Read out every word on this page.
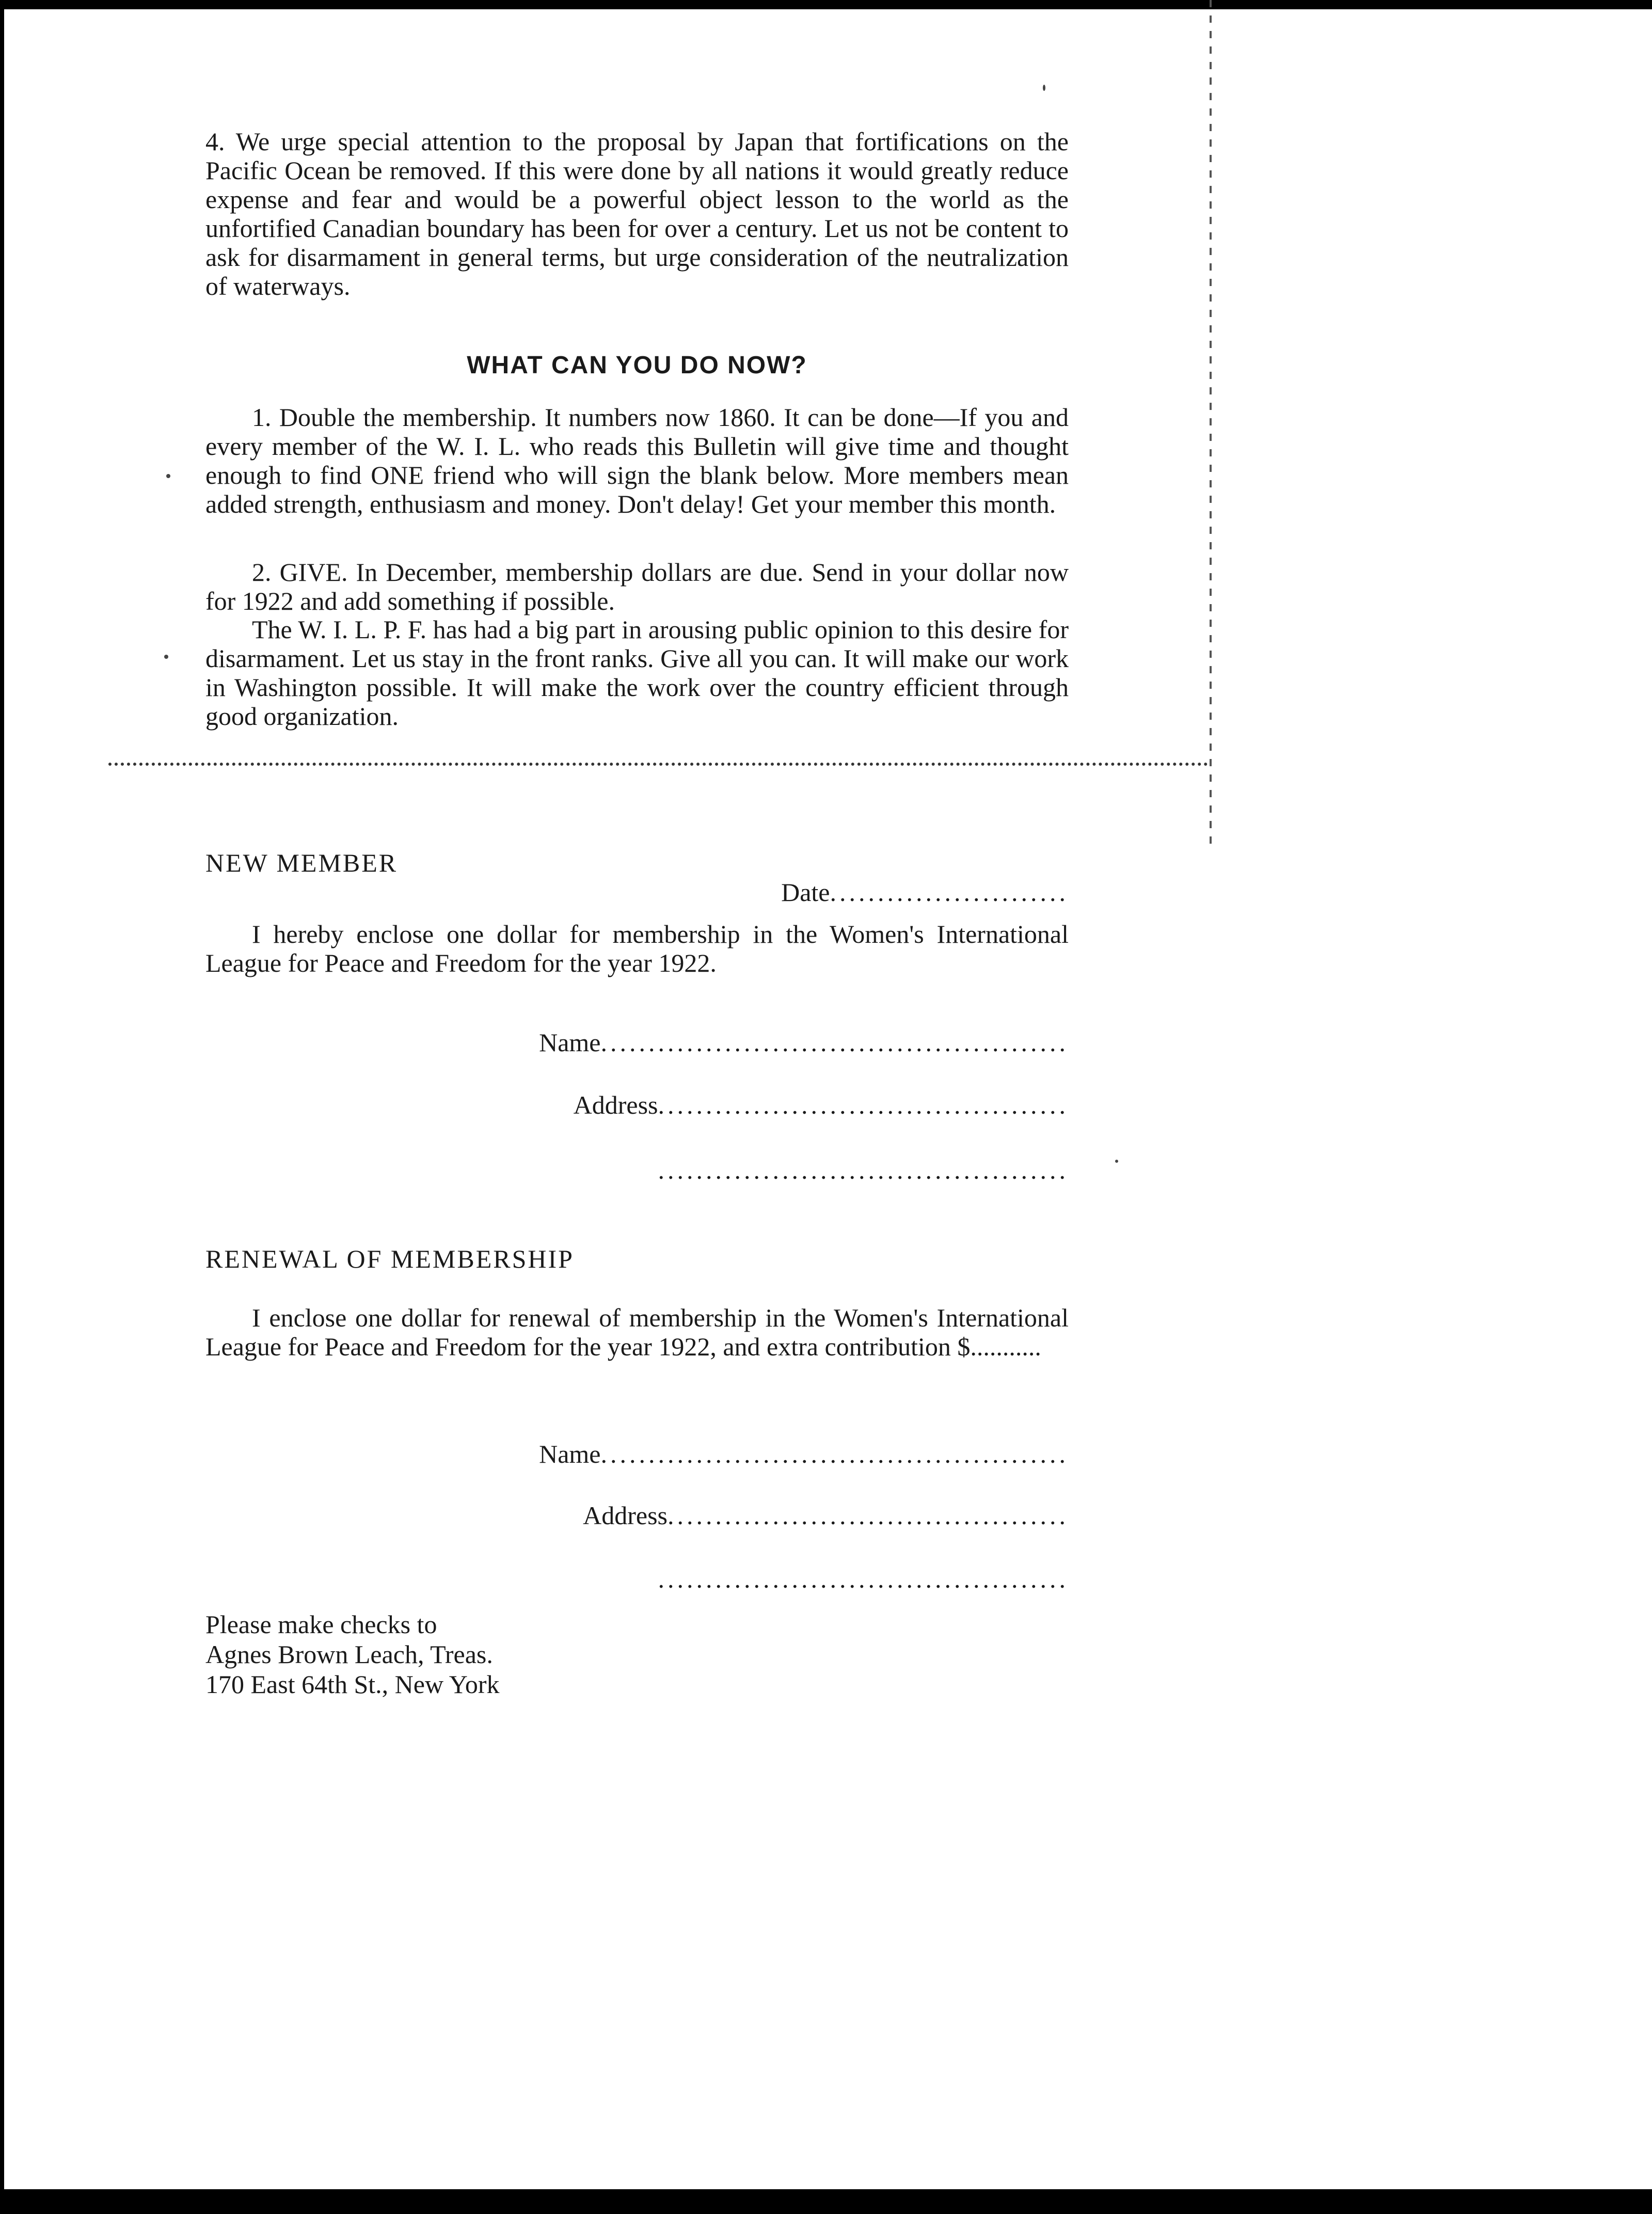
4. We urge special attention to the proposal by Japan that fortifications on the Pacific Ocean be removed. If this were done by all nations it would greatly reduce expense and fear and would be a powerful object lesson to the world as the unfortified Canadian boundary has been for over a century. Let us not be content to ask for disarmament in general terms, but urge consideration of the neutralization of waterways.

WHAT CAN YOU DO NOW?

1. Double the membership. It numbers now 1860. It can be done—If you and every member of the W. I. L. who reads this Bulletin will give time and thought enough to find ONE friend who will sign the blank below. More members mean added strength, enthusiasm and money. Don't delay! Get your member this month.

2. GIVE. In December, membership dollars are due. Send in your dollar now for 1922 and add something if possible.

The W. I. L. P. F. has had a big part in arousing public opinion to this desire for disarmament. Let us stay in the front ranks. Give all you can. It will make our work in Washington possible. It will make the work over the country efficient through good organization.

NEW MEMBER
Date.........................

I hereby enclose one dollar for membership in the Women's International League for Peace and Freedom for the year 1922.

Name.................................................
Address...........................................
...........................................
RENEWAL OF MEMBERSHIP

I enclose one dollar for renewal of membership in the Women's International League for Peace and Freedom for the year 1922, and extra contribution $...........

Name.................................................
Address..........................................
...........................................
Please make checks to
Agnes Brown Leach, Treas.
170 East 64th St., New York
